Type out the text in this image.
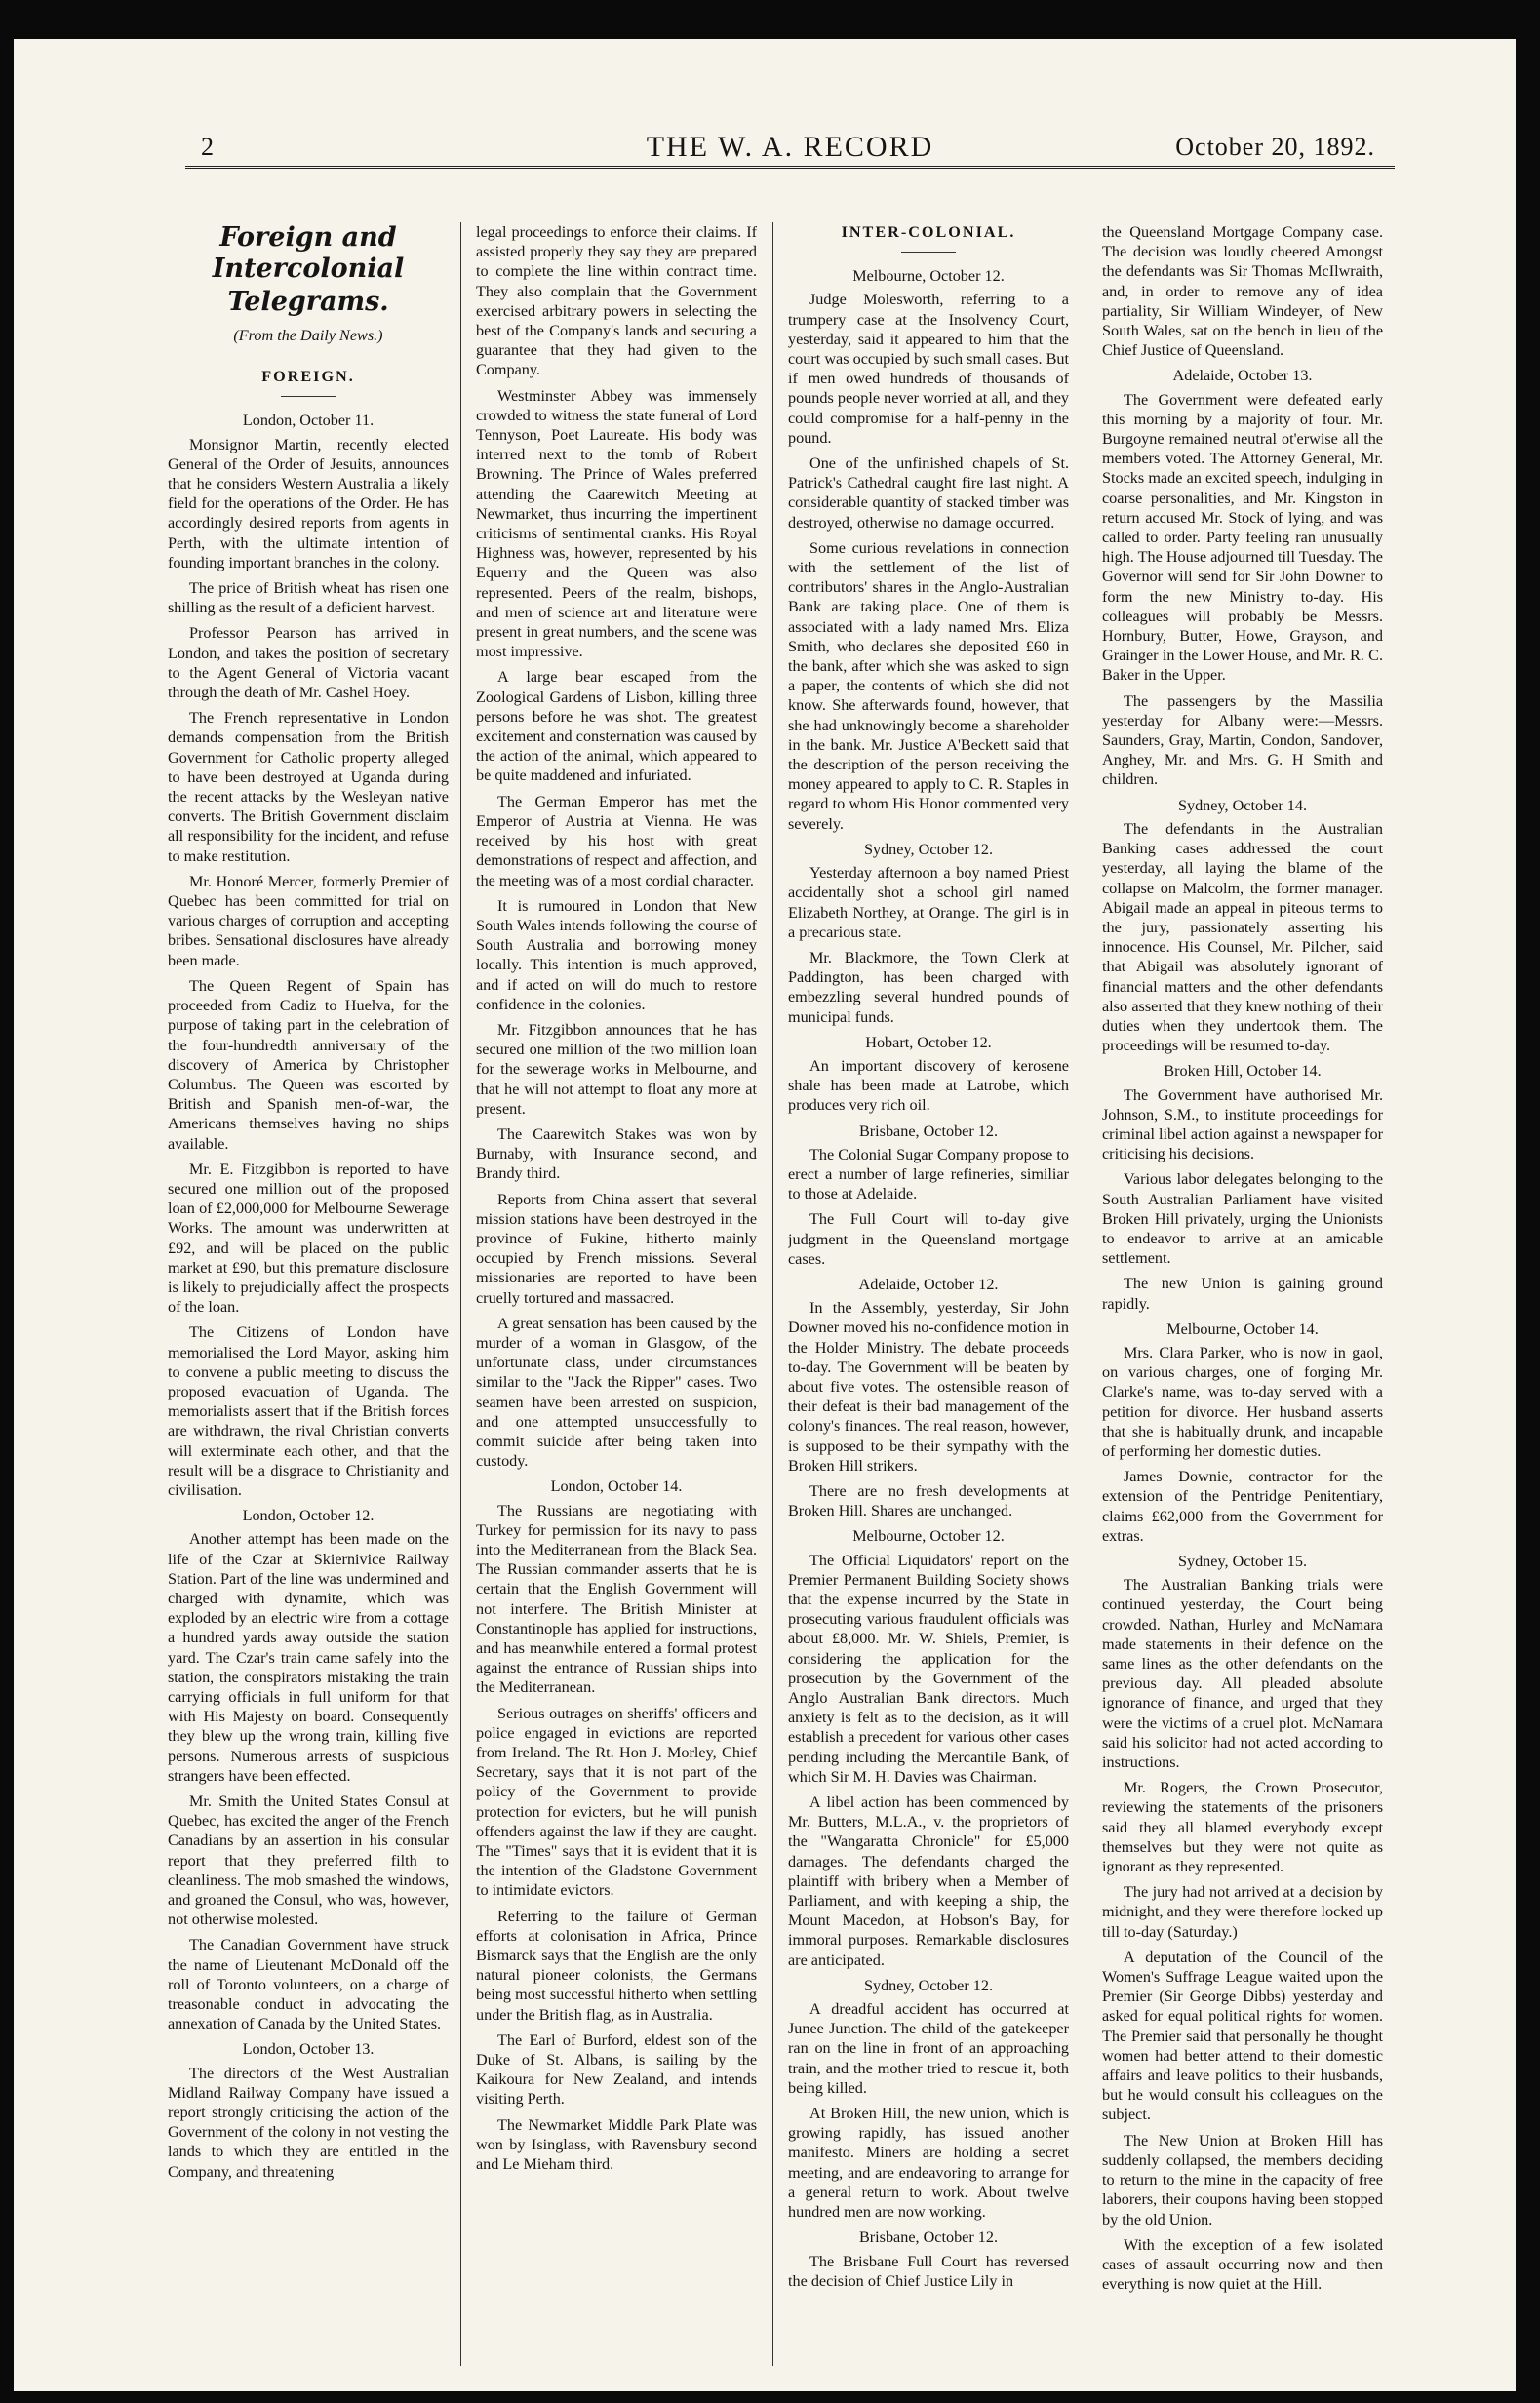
2	THE W. A. RECORD	October 20, 1892.
Foreign and Intercolonial
Telegrams.
(From the Daily News.)
FOREIGN.

London, October 11.

Monsignor Martin, recently elected General of the Order of Jesuits, announces that he considers Western Australia a likely field for the operations of the Order. He has accordingly desired reports from agents in Perth, with the ultimate intention of founding important branches in the colony.

The price of British wheat has risen one shilling as the result of a deficient harvest.

Professor Pearson has arrived in London, and takes the position of secretary to the Agent General of Victoria vacant through the death of Mr. Cashel Hoey.

The French representative in London demands compensation from the British Government for Catholic property alleged to have been destroyed at Uganda during the recent attacks by the Wesleyan native converts. The British Government disclaim all responsibility for the incident, and refuse to make restitution.

Mr. Honoré Mercer, formerly Premier of Quebec has been committed for trial on various charges of corruption and accepting bribes. Sensational disclosures have already been made.

The Queen Regent of Spain has proceeded from Cadiz to Huelva, for the purpose of taking part in the celebration of the four-hundredth anniversary of the discovery of America by Christopher Columbus. The Queen was escorted by British and Spanish men-of-war, the Americans themselves having no ships available.

Mr. E. Fitzgibbon is reported to have secured one million out of the proposed loan of £2,000,000 for Melbourne Sewerage Works. The amount was underwritten at £92, and will be placed on the public market at £90, but this premature disclosure is likely to prejudicially affect the prospects of the loan.

The Citizens of London have memorialised the Lord Mayor, asking him to convene a public meeting to discuss the proposed evacuation of Uganda. The memorialists assert that if the British forces are withdrawn, the rival Christian converts will exterminate each other, and that the result will be a disgrace to Christianity and civilisation.

London, October 12.

Another attempt has been made on the life of the Czar at Skiernivice Railway Station. Part of the line was undermined and charged with dynamite, which was exploded by an electric wire from a cottage a hundred yards away outside the station yard. The Czar's train came safely into the station, the conspirators mistaking the train carrying officials in full uniform for that with His Majesty on board. Consequently they blew up the wrong train, killing five persons. Numerous arrests of suspicious strangers have been effected.

Mr. Smith the United States Consul at Quebec, has excited the anger of the French Canadians by an assertion in his consular report that they preferred filth to cleanliness. The mob smashed the windows, and groaned the Consul, who was, however, not otherwise molested.

The Canadian Government have struck the name of Lieutenant McDonald off the roll of Toronto volunteers, on a charge of treasonable conduct in advocating the annexation of Canada by the United States.

London, October 13.

The directors of the West Australian Midland Railway Company have issued a report strongly criticising the action of the Government of the colony in not vesting the lands to which they are entitled in the Company, and threatening

legal proceedings to enforce their claims. If assisted properly they say they are prepared to complete the line within contract time. They also complain that the Government exercised arbitrary powers in selecting the best of the Company's lands and securing a guarantee that they had given to the Company.

Westminster Abbey was immensely crowded to witness the state funeral of Lord Tennyson, Poet Laureate. His body was interred next to the tomb of Robert Browning. The Prince of Wales preferred attending the Caarewitch Meeting at Newmarket, thus incurring the impertinent criticisms of sentimental cranks. His Royal Highness was, however, represented by his Equerry and the Queen was also represented. Peers of the realm, bishops, and men of science art and literature were present in great numbers, and the scene was most impressive.

A large bear escaped from the Zoological Gardens of Lisbon, killing three persons before he was shot. The greatest excitement and consternation was caused by the action of the animal, which appeared to be quite maddened and infuriated.

The German Emperor has met the Emperor of Austria at Vienna. He was received by his host with great demonstrations of respect and affection, and the meeting was of a most cordial character.

It is rumoured in London that New South Wales intends following the course of South Australia and borrowing money locally. This intention is much approved, and if acted on will do much to restore confidence in the colonies.

Mr. Fitzgibbon announces that he has secured one million of the two million loan for the sewerage works in Melbourne, and that he will not attempt to float any more at present.

The Caarewitch Stakes was won by Burnaby, with Insurance second, and Brandy third.

Reports from China assert that several mission stations have been destroyed in the province of Fukine, hitherto mainly occupied by French missions. Several missionaries are reported to have been cruelly tortured and massacred.

A great sensation has been caused by the murder of a woman in Glasgow, of the unfortunate class, under circumstances similar to the "Jack the Ripper" cases. Two seamen have been arrested on suspicion, and one attempted unsuccessfully to commit suicide after being taken into custody.

London, October 14.

The Russians are negotiating with Turkey for permission for its navy to pass into the Mediterranean from the Black Sea. The Russian commander asserts that he is certain that the English Government will not interfere. The British Minister at Constantinople has applied for instructions, and has meanwhile entered a formal protest against the entrance of Russian ships into the Mediterranean.

Serious outrages on sheriffs' officers and police engaged in evictions are reported from Ireland. The Rt. Hon J. Morley, Chief Secretary, says that it is not part of the policy of the Government to provide protection for evicters, but he will punish offenders against the law if they are caught. The "Times" says that it is evident that it is the intention of the Gladstone Government to intimidate evictors.

Referring to the failure of German efforts at colonisation in Africa, Prince Bismarck says that the English are the only natural pioneer colonists, the Germans being most successful hitherto when settling under the British flag, as in Australia.

The Earl of Burford, eldest son of the Duke of St. Albans, is sailing by the Kaikoura for New Zealand, and intends visiting Perth.

The Newmarket Middle Park Plate was won by Isinglass, with Ravensbury second and Le Mieham third.

INTER-COLONIAL.

Melbourne, October 12.

Judge Molesworth, referring to a trumpery case at the Insolvency Court, yesterday, said it appeared to him that the court was occupied by such small cases. But if men owed hundreds of thousands of pounds people never worried at all, and they could compromise for a half-penny in the pound.

One of the unfinished chapels of St. Patrick's Cathedral caught fire last night. A considerable quantity of stacked timber was destroyed, otherwise no damage occurred.

Some curious revelations in connection with the settlement of the list of contributors' shares in the Anglo-Australian Bank are taking place. One of them is associated with a lady named Mrs. Eliza Smith, who declares she deposited £60 in the bank, after which she was asked to sign a paper, the contents of which she did not know. She afterwards found, however, that she had unknowingly become a shareholder in the bank. Mr. Justice A'Beckett said that the description of the person receiving the money appeared to apply to C. R. Staples in regard to whom His Honor commented very severely.

Sydney, October 12.

Yesterday afternoon a boy named Priest accidentally shot a school girl named Elizabeth Northey, at Orange. The girl is in a precarious state.

Mr. Blackmore, the Town Clerk at Paddington, has been charged with embezzling several hundred pounds of municipal funds.

Hobart, October 12.

An important discovery of kerosene shale has been made at Latrobe, which produces very rich oil.

Brisbane, October 12.

The Colonial Sugar Company propose to erect a number of large refineries, similiar to those at Adelaide.

The Full Court will to-day give judgment in the Queensland mortgage cases.

Adelaide, October 12.

In the Assembly, yesterday, Sir John Downer moved his no-confidence motion in the Holder Ministry. The debate proceeds to-day. The Government will be beaten by about five votes. The ostensible reason of their defeat is their bad management of the colony's finances. The real reason, however, is supposed to be their sympathy with the Broken Hill strikers.

There are no fresh developments at Broken Hill. Shares are unchanged.

Melbourne, October 12.

The Official Liquidators' report on the Premier Permanent Building Society shows that the expense incurred by the State in prosecuting various fraudulent officials was about £8,000. Mr. W. Shiels, Premier, is considering the application for the prosecution by the Government of the Anglo Australian Bank directors. Much anxiety is felt as to the decision, as it will establish a precedent for various other cases pending including the Mercantile Bank, of which Sir M. H. Davies was Chairman.

A libel action has been commenced by Mr. Butters, M.L.A., v. the proprietors of the "Wangaratta Chronicle" for £5,000 damages. The defendants charged the plaintiff with bribery when a Member of Parliament, and with keeping a ship, the Mount Macedon, at Hobson's Bay, for immoral purposes. Remarkable disclosures are anticipated.

Sydney, October 12.

A dreadful accident has occurred at Junee Junction. The child of the gatekeeper ran on the line in front of an approaching train, and the mother tried to rescue it, both being killed.

At Broken Hill, the new union, which is growing rapidly, has issued another manifesto. Miners are holding a secret meeting, and are endeavoring to arrange for a general return to work. About twelve hundred men are now working.

Brisbane, October 12.

The Brisbane Full Court has reversed the decision of Chief Justice Lily in

the Queensland Mortgage Company case. The decision was loudly cheered Amongst the defendants was Sir Thomas McIlwraith, and, in order to remove any of idea partiality, Sir William Windeyer, of New South Wales, sat on the bench in lieu of the Chief Justice of Queensland.

Adelaide, October 13.

The Government were defeated early this morning by a majority of four. Mr. Burgoyne remained neutral ot'erwise all the members voted. The Attorney General, Mr. Stocks made an excited speech, indulging in coarse personalities, and Mr. Kingston in return accused Mr. Stock of lying, and was called to order. Party feeling ran unusually high. The House adjourned till Tuesday. The Governor will send for Sir John Downer to form the new Ministry to-day. His colleagues will probably be Messrs. Hornbury, Butter, Howe, Grayson, and Grainger in the Lower House, and Mr. R. C. Baker in the Upper.

The passengers by the Massilia yesterday for Albany were:—Messrs. Saunders, Gray, Martin, Condon, Sandover, Anghey, Mr. and Mrs. G. H Smith and children.

Sydney, October 14.

The defendants in the Australian Banking cases addressed the court yesterday, all laying the blame of the collapse on Malcolm, the former manager. Abigail made an appeal in piteous terms to the jury, passionately asserting his innocence. His Counsel, Mr. Pilcher, said that Abigail was absolutely ignorant of financial matters and the other defendants also asserted that they knew nothing of their duties when they undertook them. The proceedings will be resumed to-day.

Broken Hill, October 14.

The Government have authorised Mr. Johnson, S.M., to institute proceedings for criminal libel action against a newspaper for criticising his decisions.

Various labor delegates belonging to the South Australian Parliament have visited Broken Hill privately, urging the Unionists to endeavor to arrive at an amicable settlement.

The new Union is gaining ground rapidly.

Melbourne, October 14.

Mrs. Clara Parker, who is now in gaol, on various charges, one of forging Mr. Clarke's name, was to-day served with a petition for divorce. Her husband asserts that she is habitually drunk, and incapable of performing her domestic duties.

James Downie, contractor for the extension of the Pentridge Penitentiary, claims £62,000 from the Government for extras.

Sydney, October 15.

The Australian Banking trials were continued yesterday, the Court being crowded. Nathan, Hurley and McNamara made statements in their defence on the same lines as the other defendants on the previous day. All pleaded absolute ignorance of finance, and urged that they were the victims of a cruel plot. McNamara said his solicitor had not acted according to instructions.

Mr. Rogers, the Crown Prosecutor, reviewing the statements of the prisoners said they all blamed everybody except themselves but they were not quite as ignorant as they represented.

The jury had not arrived at a decision by midnight, and they were therefore locked up till to-day (Saturday.)

A deputation of the Council of the Women's Suffrage League waited upon the Premier (Sir George Dibbs) yesterday and asked for equal political rights for women. The Premier said that personally he thought women had better attend to their domestic affairs and leave politics to their husbands, but he would consult his colleagues on the subject.

The New Union at Broken Hill has suddenly collapsed, the members deciding to return to the mine in the capacity of free laborers, their coupons having been stopped by the old Union.

With the exception of a few isolated cases of assault occurring now and then everything is now quiet at the Hill.
